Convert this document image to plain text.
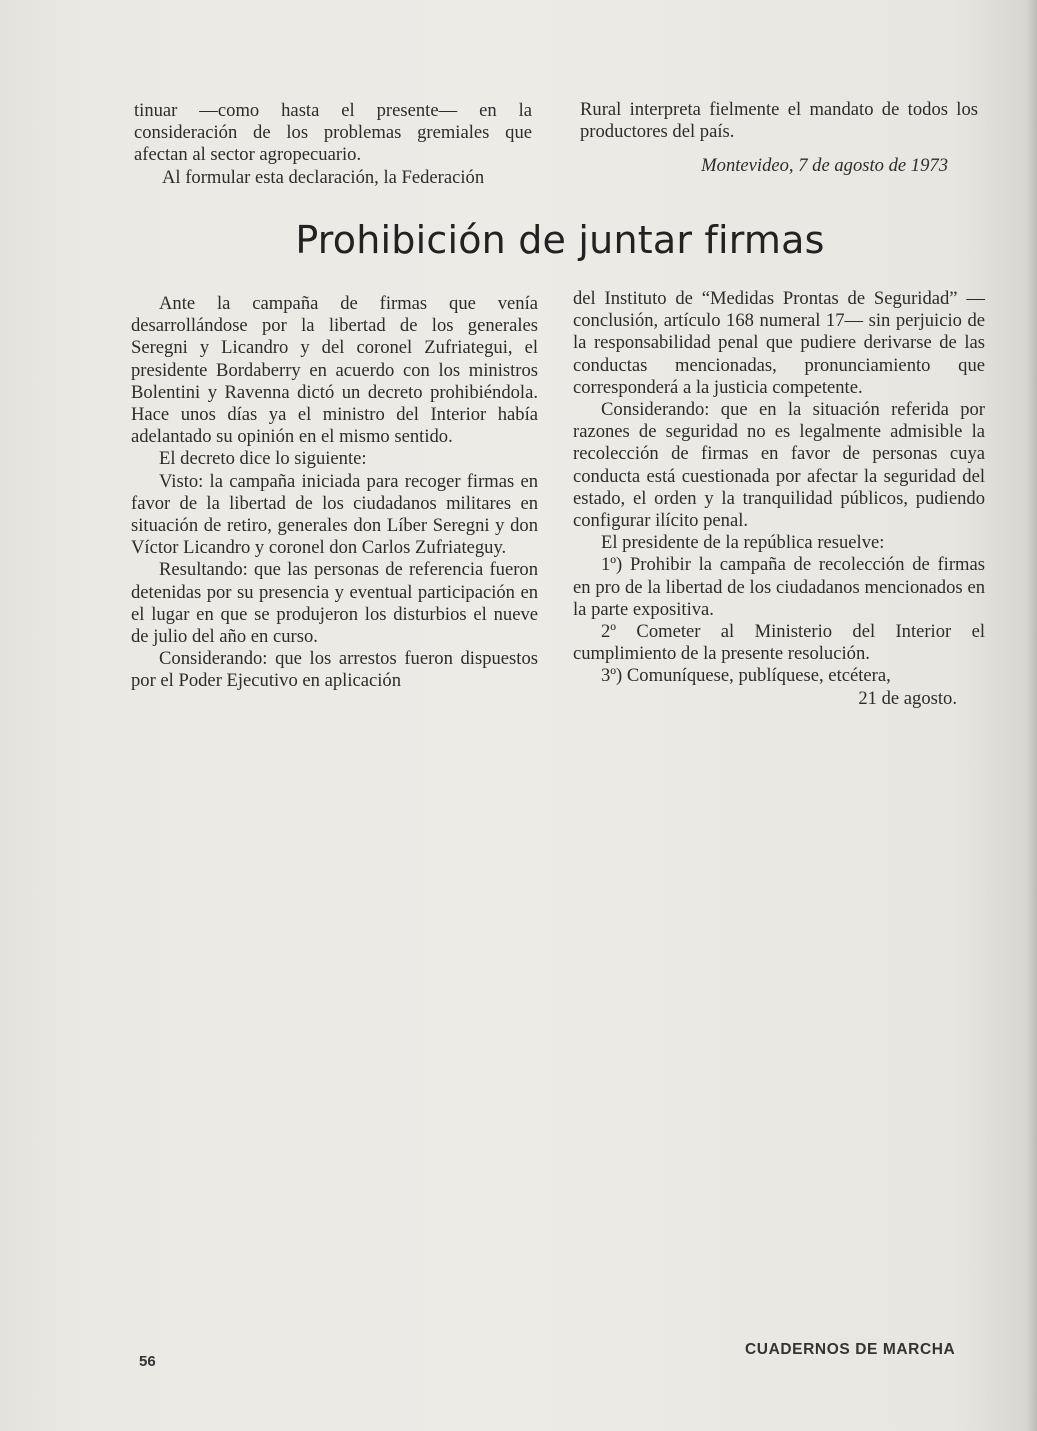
tinuar —como hasta el presente— en la consideración de los problemas gremiales que afectan al sector agropecuario.

Al formular esta declaración, la Federación

Rural interpreta fielmente el mandato de todos los productores del país.

Montevideo, 7 de agosto de 1973

Prohibición de juntar firmas

Ante la campaña de firmas que venía desarrollándose por la libertad de los generales Seregni y Licandro y del coronel Zufriategui, el presidente Bordaberry en acuerdo con los ministros Bolentini y Ravenna dictó un decreto prohibiéndola. Hace unos días ya el ministro del Interior había adelantado su opinión en el mismo sentido.

El decreto dice lo siguiente:

Visto: la campaña iniciada para recoger firmas en favor de la libertad de los ciudadanos militares en situación de retiro, generales don Líber Seregni y don Víctor Licandro y coronel don Carlos Zufriateguy.

Resultando: que las personas de referencia fueron detenidas por su presencia y eventual participación en el lugar en que se produjeron los disturbios el nueve de julio del año en curso.

Considerando: que los arrestos fueron dispuestos por el Poder Ejecutivo en aplicación

del Instituto de “Medidas Prontas de Seguridad” —conclusión, artículo 168 numeral 17— sin perjuicio de la responsabilidad penal que pudiere derivarse de las conductas mencionadas, pronunciamiento que corresponderá a la justicia competente.

Considerando: que en la situación referida por razones de seguridad no es legalmente admisible la recolección de firmas en favor de personas cuya conducta está cuestionada por afectar la seguridad del estado, el orden y la tranquilidad públicos, pudiendo configurar ilícito penal.

El presidente de la república resuelve:

1º) Prohibir la campaña de recolección de firmas en pro de la libertad de los ciudadanos mencionados en la parte expositiva.

2º Cometer al Ministerio del Interior el cumplimiento de la presente resolución.

3º) Comuníquese, publíquese, etcétera,

21 de agosto.

56
CUADERNOS DE MARCHA
